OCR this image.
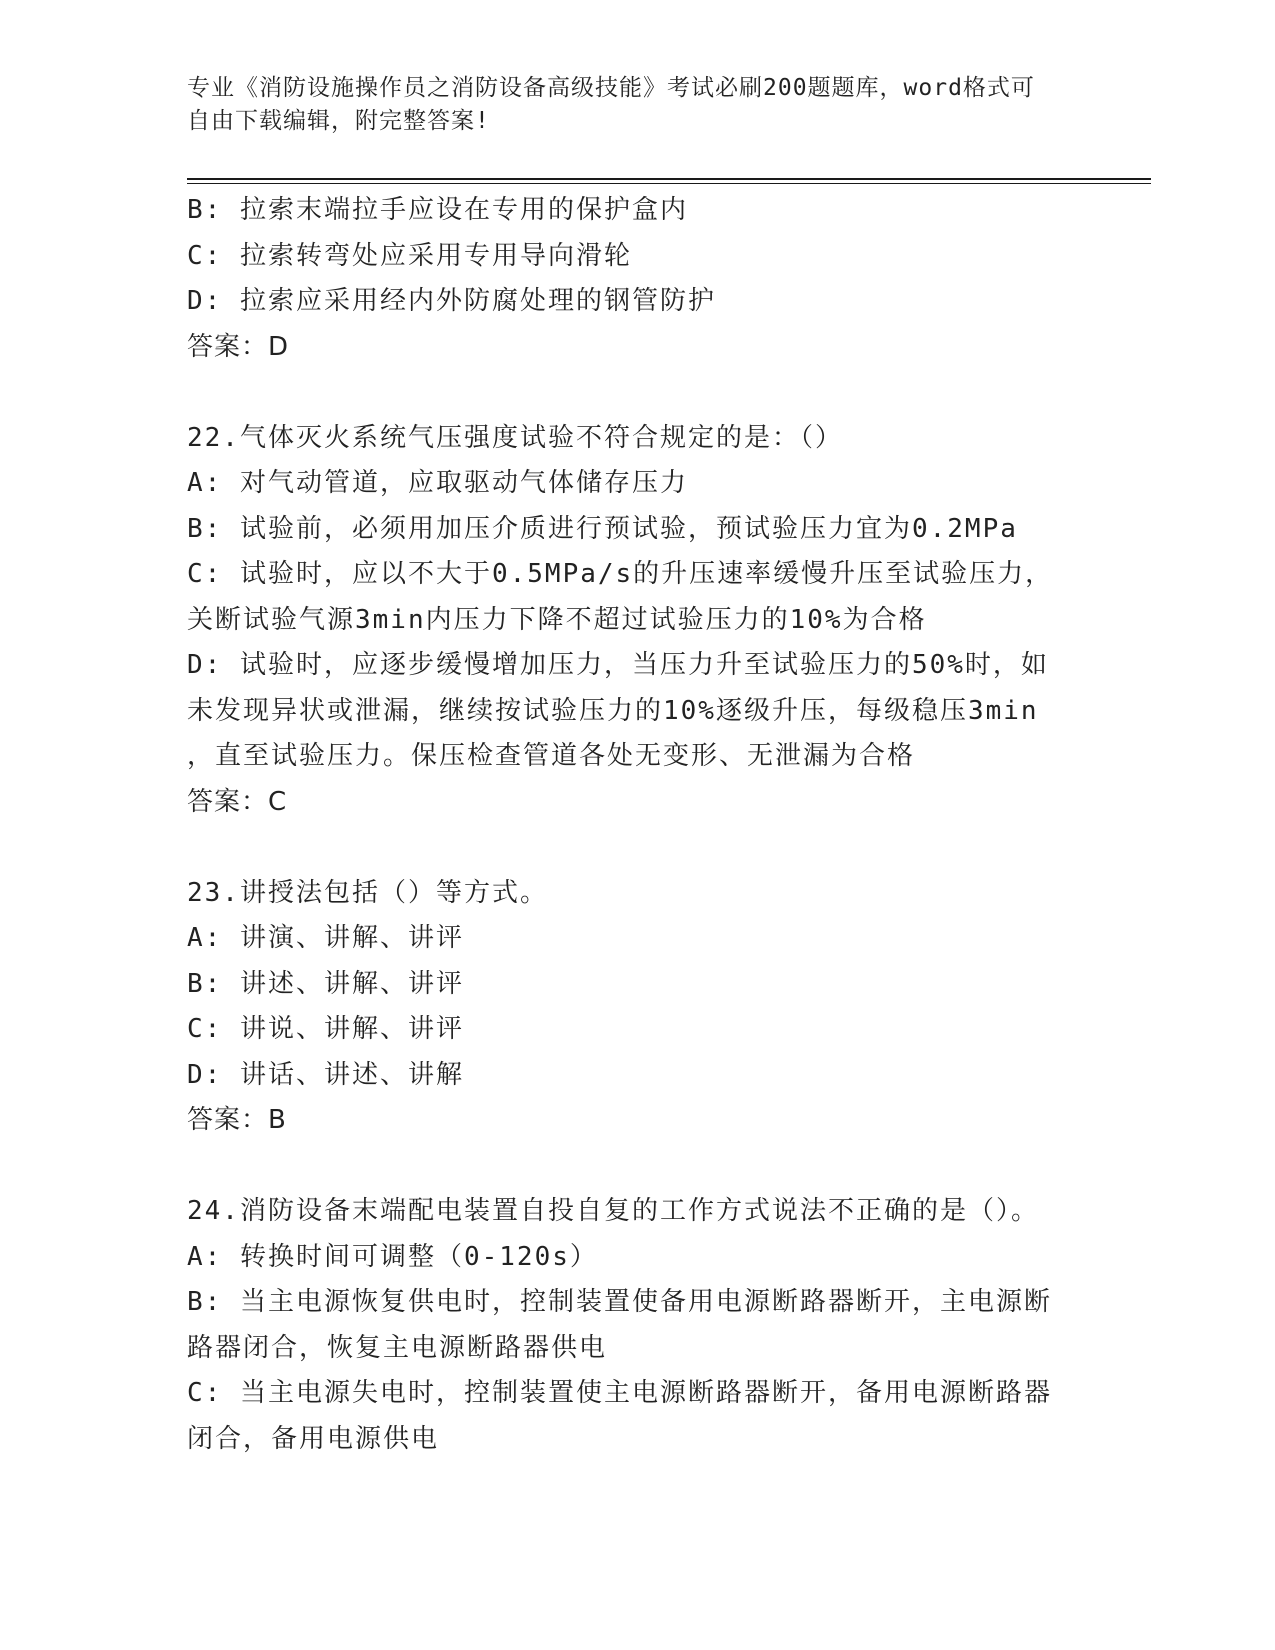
专业《消防设施操作员之消防设备高级技能》考试必刷200题题库，word格式可
自由下载编辑，附完整答案!

B: 拉索末端拉手应设在专用的保护盒内

C: 拉索转弯处应采用专用导向滑轮

D: 拉索应采用经内外防腐处理的钢管防护

答案：D

22.气体灭火系统气压强度试验不符合规定的是：（）

A: 对气动管道，应取驱动气体储存压力

B: 试验前，必须用加压介质进行预试验，预试验压力宜为0.2MPa

C: 试验时，应以不大于0.5MPa/s的升压速率缓慢升压至试验压力，

关断试验气源3min内压力下降不超过试验压力的10%为合格

D: 试验时，应逐步缓慢增加压力，当压力升至试验压力的50%时，如

未发现异状或泄漏，继续按试验压力的10%逐级升压，每级稳压3min

，直至试验压力。保压检查管道各处无变形、无泄漏为合格

答案：C

23.讲授法包括（）等方式。

A: 讲演、讲解、讲评

B: 讲述、讲解、讲评

C: 讲说、讲解、讲评

D: 讲话、讲述、讲解

答案：B

24.消防设备末端配电装置自投自复的工作方式说法不正确的是（）。

A: 转换时间可调整（0-120s）

B: 当主电源恢复供电时，控制装置使备用电源断路器断开，主电源断

路器闭合，恢复主电源断路器供电

C: 当主电源失电时，控制装置使主电源断路器断开，备用电源断路器

闭合，备用电源供电
